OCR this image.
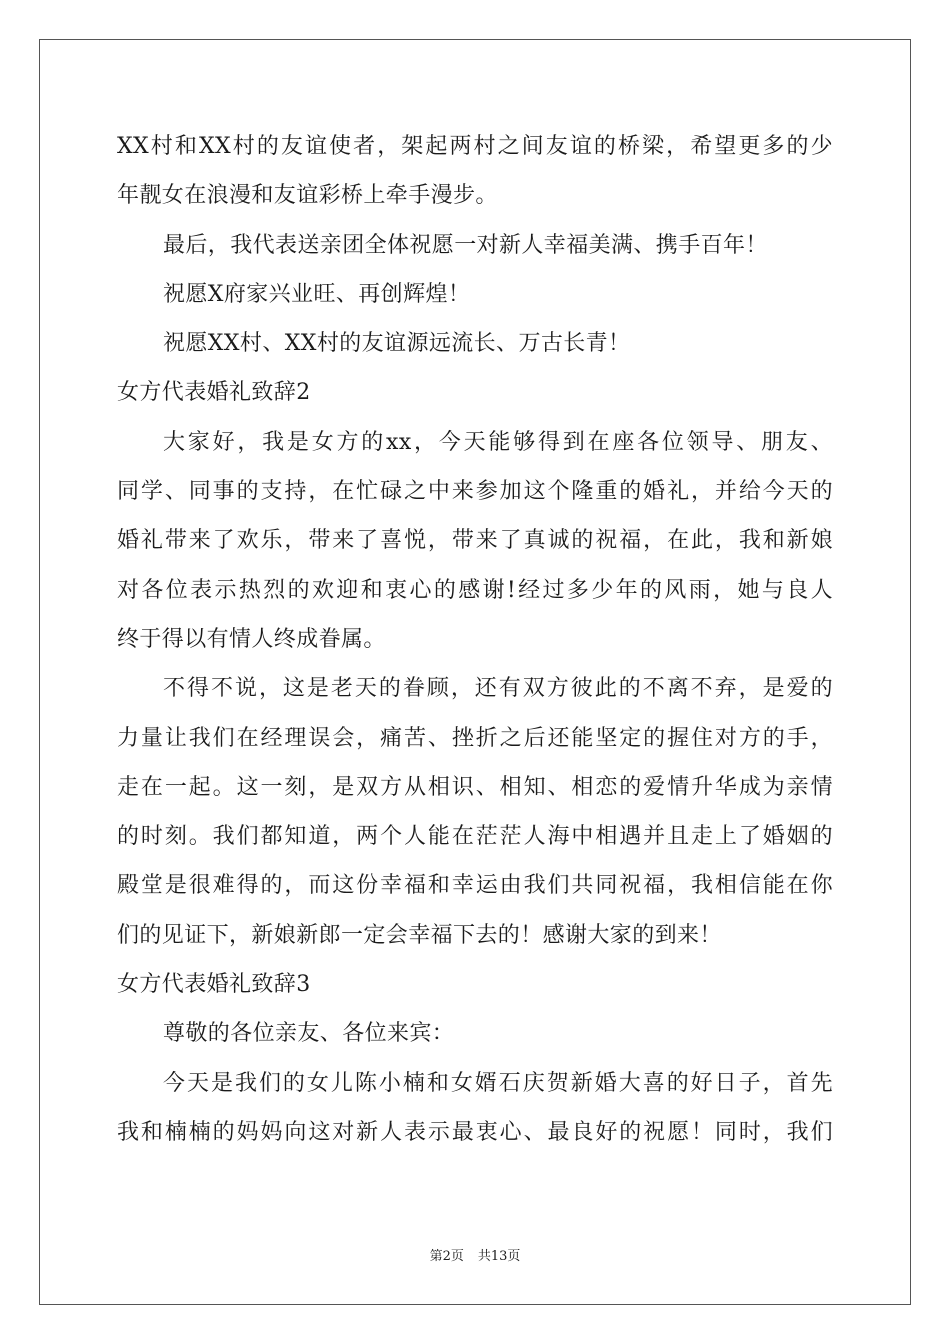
XX村和XX村的友谊使者，架起两村之间友谊的桥梁，希望更多的少
年靓女在浪漫和友谊彩桥上牵手漫步。
最后，我代表送亲团全体祝愿一对新人幸福美满、携手百年！
祝愿X府家兴业旺、再创辉煌！
祝愿XX村、XX村的友谊源远流长、万古长青！
女方代表婚礼致辞2
大家好，我是女方的xx，今天能够得到在座各位领导、朋友、
同学、同事的支持，在忙碌之中来参加这个隆重的婚礼，并给今天的
婚礼带来了欢乐，带来了喜悦，带来了真诚的祝福，在此，我和新娘
对各位表示热烈的欢迎和衷心的感谢!经过多少年的风雨，她与良人
终于得以有情人终成眷属。
不得不说，这是老天的眷顾，还有双方彼此的不离不弃，是爱的
力量让我们在经理误会，痛苦、挫折之后还能坚定的握住对方的手，
走在一起。这一刻，是双方从相识、相知、相恋的爱情升华成为亲情
的时刻。我们都知道，两个人能在茫茫人海中相遇并且走上了婚姻的
殿堂是很难得的，而这份幸福和幸运由我们共同祝福，我相信能在你
们的见证下，新娘新郎一定会幸福下去的！感谢大家的到来！
女方代表婚礼致辞3
尊敬的各位亲友、各位来宾：
今天是我们的女儿陈小楠和女婿石庆贺新婚大喜的好日子，首先
我和楠楠的妈妈向这对新人表示最衷心、最良好的祝愿！同时，我们
第2页 共13页
